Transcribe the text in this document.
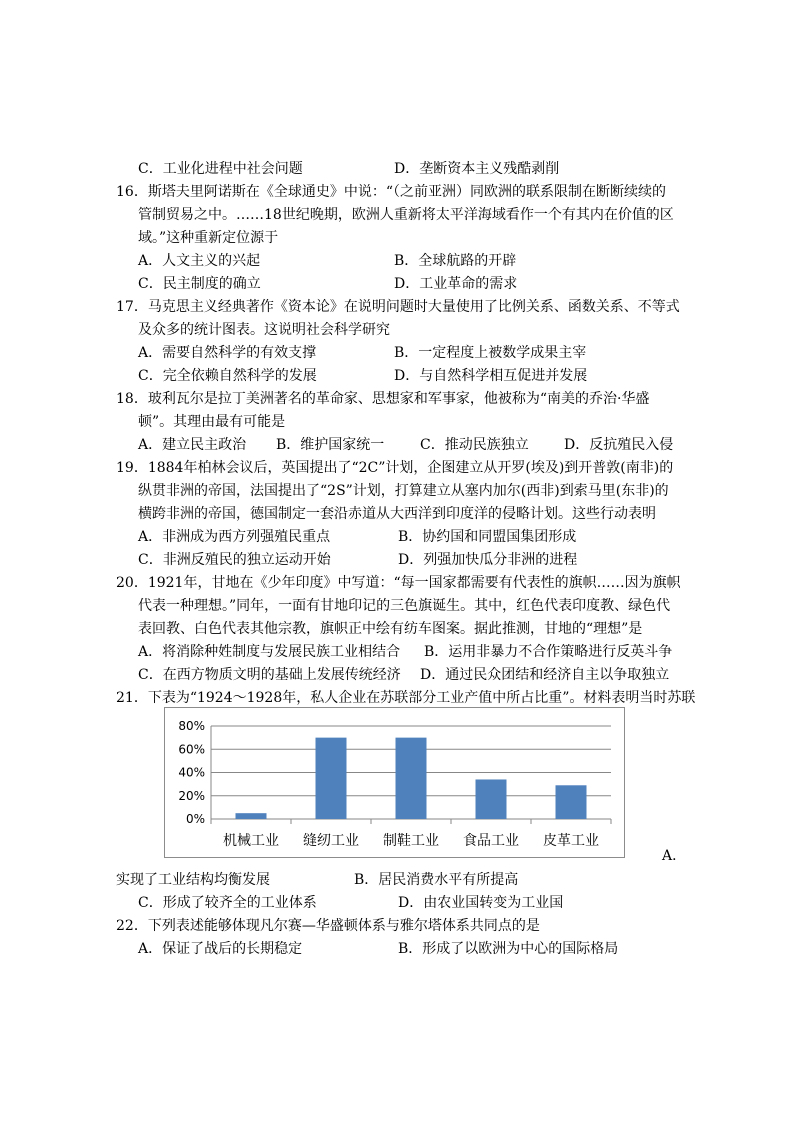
C．工业化进程中社会问题	D．垄断资本主义残酷剥削
16．斯塔夫里阿诺斯在《全球通史》中说：“（之前亚洲）同欧洲的联系限制在断断续续的
管制贸易之中。……18世纪晚期，欧洲人重新将太平洋海域看作一个有其内在价值的区
域。”这种重新定位源于
A．人文主义的兴起	B．全球航路的开辟
C．民主制度的确立	D．工业革命的需求
17．马克思主义经典著作《资本论》在说明问题时大量使用了比例关系、函数关系、不等式
及众多的统计图表。这说明社会科学研究
A．需要自然科学的有效支撑	B．一定程度上被数学成果主宰
C．完全依赖自然科学的发展	D．与自然科学相互促进并发展
18．玻利瓦尔是拉丁美洲著名的革命家、思想家和军事家，他被称为“南美的乔治·华盛
顿”。其理由最有可能是
A．建立民主政治 B．维护国家统一	C．推动民族独立	D．反抗殖民入侵
19．1884年柏林会议后，英国提出了“2C”计划，企图建立从开罗(埃及)到开普敦(南非)的
纵贯非洲的帝国，法国提出了“2S”计划，打算建立从塞内加尔(西非)到索马里(东非)的
横跨非洲的帝国，德国制定一套沿赤道从大西洋到印度洋的侵略计划。这些行动表明
A．非洲成为西方列强殖民重点	B．协约国和同盟国集团形成
C．非洲反殖民的独立运动开始	D．列强加快瓜分非洲的进程
20．1921年，甘地在《少年印度》中写道：“每一国家都需要有代表性的旗帜……因为旗帜
代表一种理想。”同年，一面有甘地印记的三色旗诞生。其中，红色代表印度教、绿色代
表回教、白色代表其他宗教，旗帜正中绘有纺车图案。据此推测，甘地的“理想”是
A．将消除种姓制度与发展民族工业相结合 B．运用非暴力不合作策略进行反英斗争
C．在西方物质文明的基础上发展传统经济 D．通过民众团结和经济自主以争取独立
21．下表为“1924～1928年，私人企业在苏联部分工业产值中所占比重”。材料表明当时苏联
80%
60%
40%
20%
0%
机械工业 缝纫工业 制鞋工业 食品工业 皮革工业
A．
实现了工业结构均衡发展	B．居民消费水平有所提高
C．形成了较齐全的工业体系	D．由农业国转变为工业国
22．下列表述能够体现凡尔赛—华盛顿体系与雅尔塔体系共同点的是
A．保证了战后的长期稳定	B．形成了以欧洲为中心的国际格局
